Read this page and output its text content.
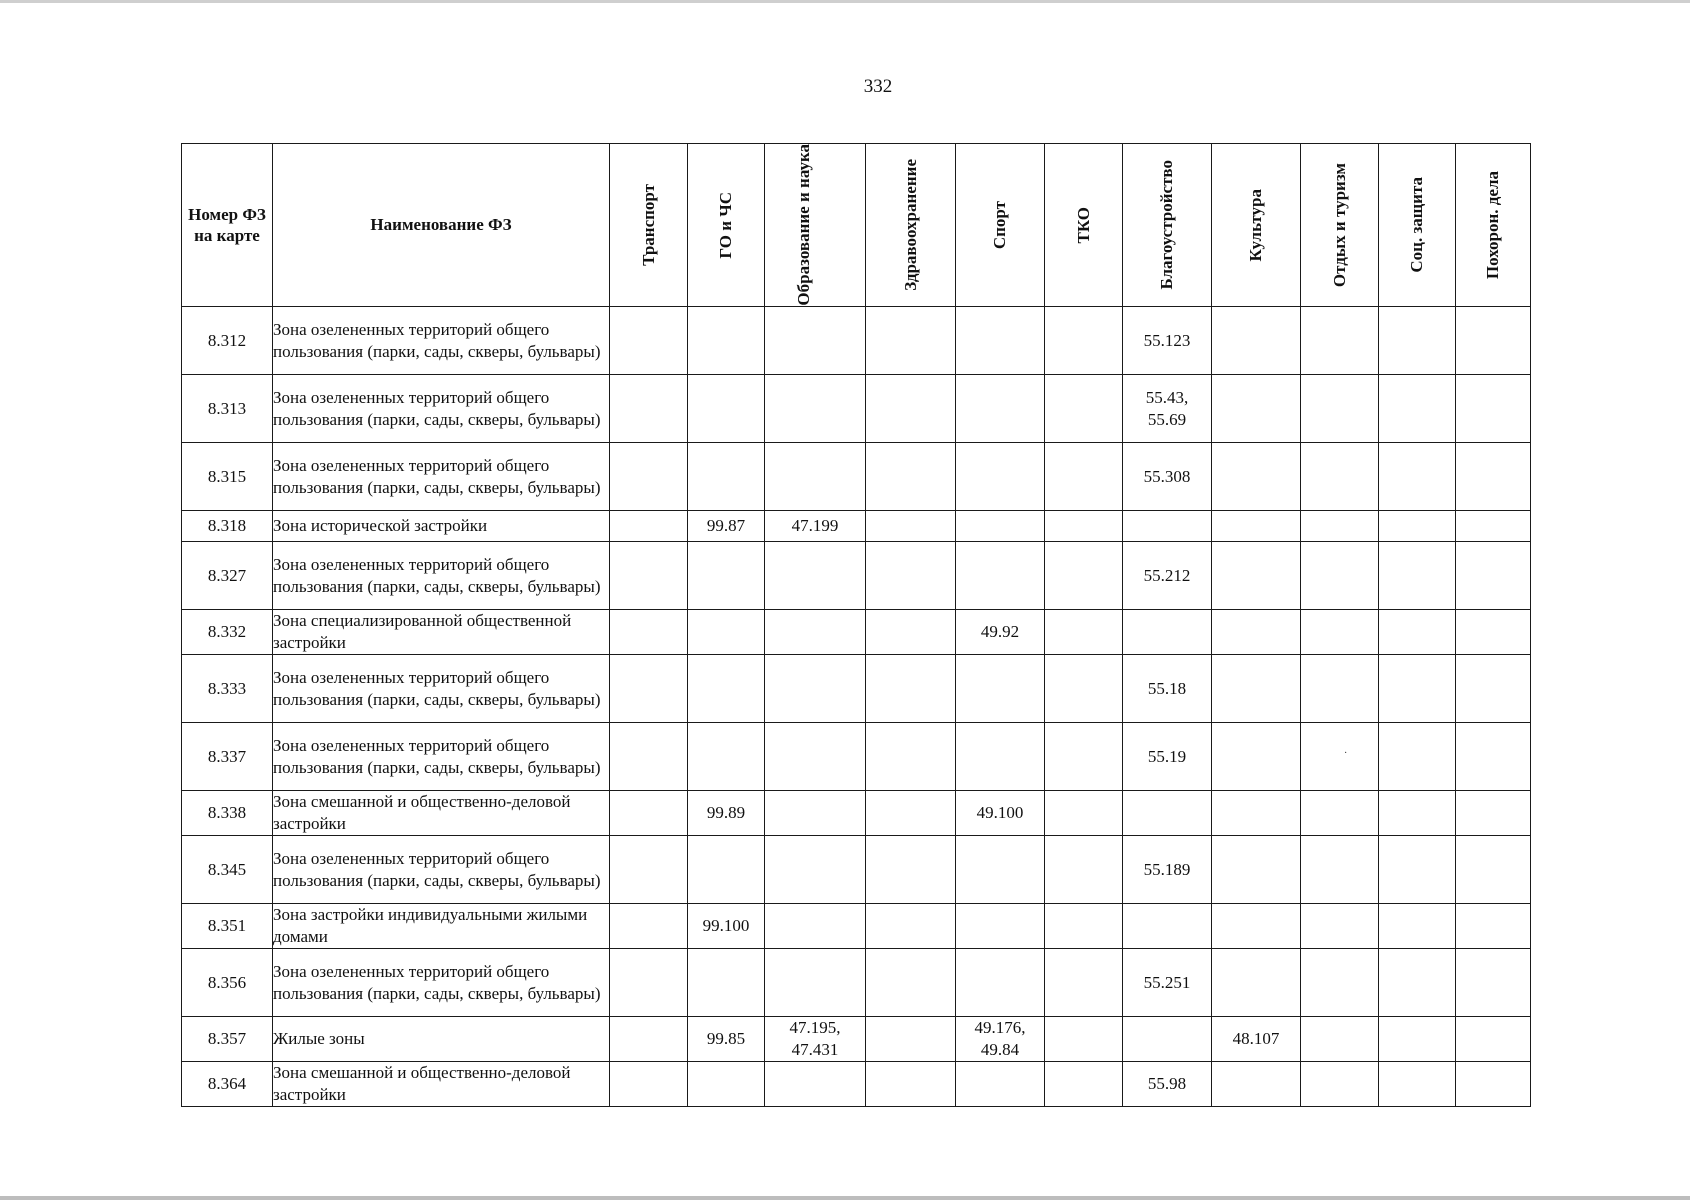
332
Номер ФЗ на карте	Наименование ФЗ	Транспорт	ГО и ЧС	Образование и наука	Здравоохранение	Спорт	ТКО	Благоустройство	Культура	Отдых и туризм	Соц. защита	Похорон. дела

8.312	Зона озелененных территорий общего пользования (парки, сады, скверы, бульвары)							55.123				
8.313	Зона озелененных территорий общего пользования (парки, сады, скверы, бульвары)							55.43, 55.69				
8.315	Зона озелененных территорий общего пользования (парки, сады, скверы, бульвары)							55.308				
8.318	Зона исторической застройки		99.87	47.199								
8.327	Зона озелененных территорий общего пользования (парки, сады, скверы, бульвары)							55.212				
8.332	Зона специализированной общественной застройки					49.92						
8.333	Зона озелененных территорий общего пользования (парки, сады, скверы, бульвары)							55.18				
8.337	Зона озелененных территорий общего пользования (парки, сады, скверы, бульвары)							55.19				
8.338	Зона смешанной и общественно-деловой застройки		99.89			49.100						
8.345	Зона озелененных территорий общего пользования (парки, сады, скверы, бульвары)							55.189				
8.351	Зона застройки индивидуальными жилыми домами		99.100									
8.356	Зона озелененных территорий общего пользования (парки, сады, скверы, бульвары)							55.251				
8.357	Жилые зоны		99.85	47.195, 47.431		49.176, 49.84			48.107			
8.364	Зона смешанной и общественно-деловой застройки							55.98				
·
